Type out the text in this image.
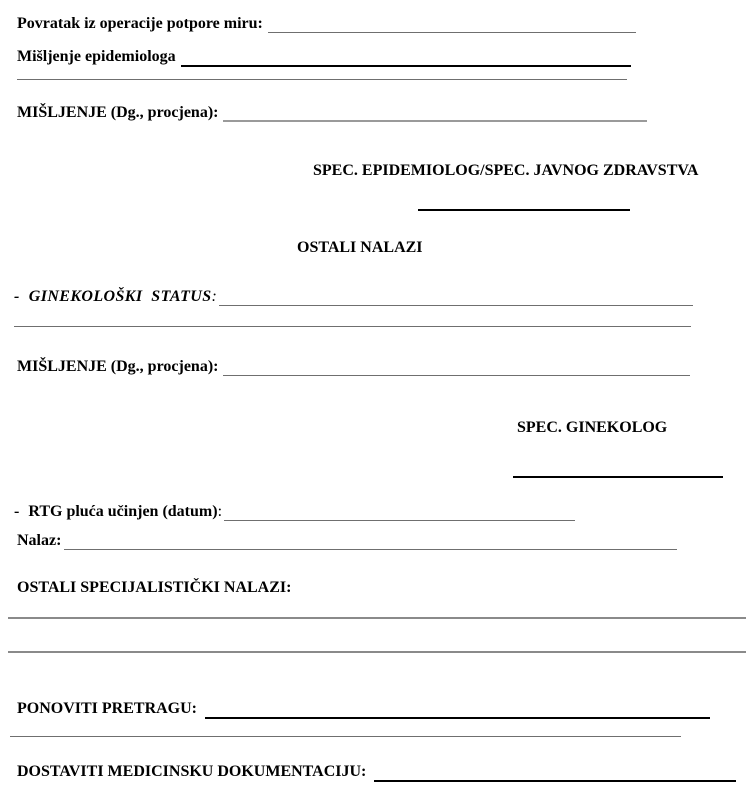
Povratak iz operacije potpore miru:
Mišljenje epidemiologa
MIŠLJENJE (Dg., procjena):
SPEC. EPIDEMIOLOG/SPEC. JAVNOG ZDRAVSTVA
OSTALI NALAZI
- GINEKOLOŠKI  STATUS :
MIŠLJENJE (Dg., procjena):
SPEC. GINEKOLOG
- RTG pluća učinjen (datum) :
Nalaz:
OSTALI SPECIJALISTIČKI NALAZI:
PONOVITI PRETRAGU:
DOSTAVITI MEDICINSKU DOKUMENTACIJU:
